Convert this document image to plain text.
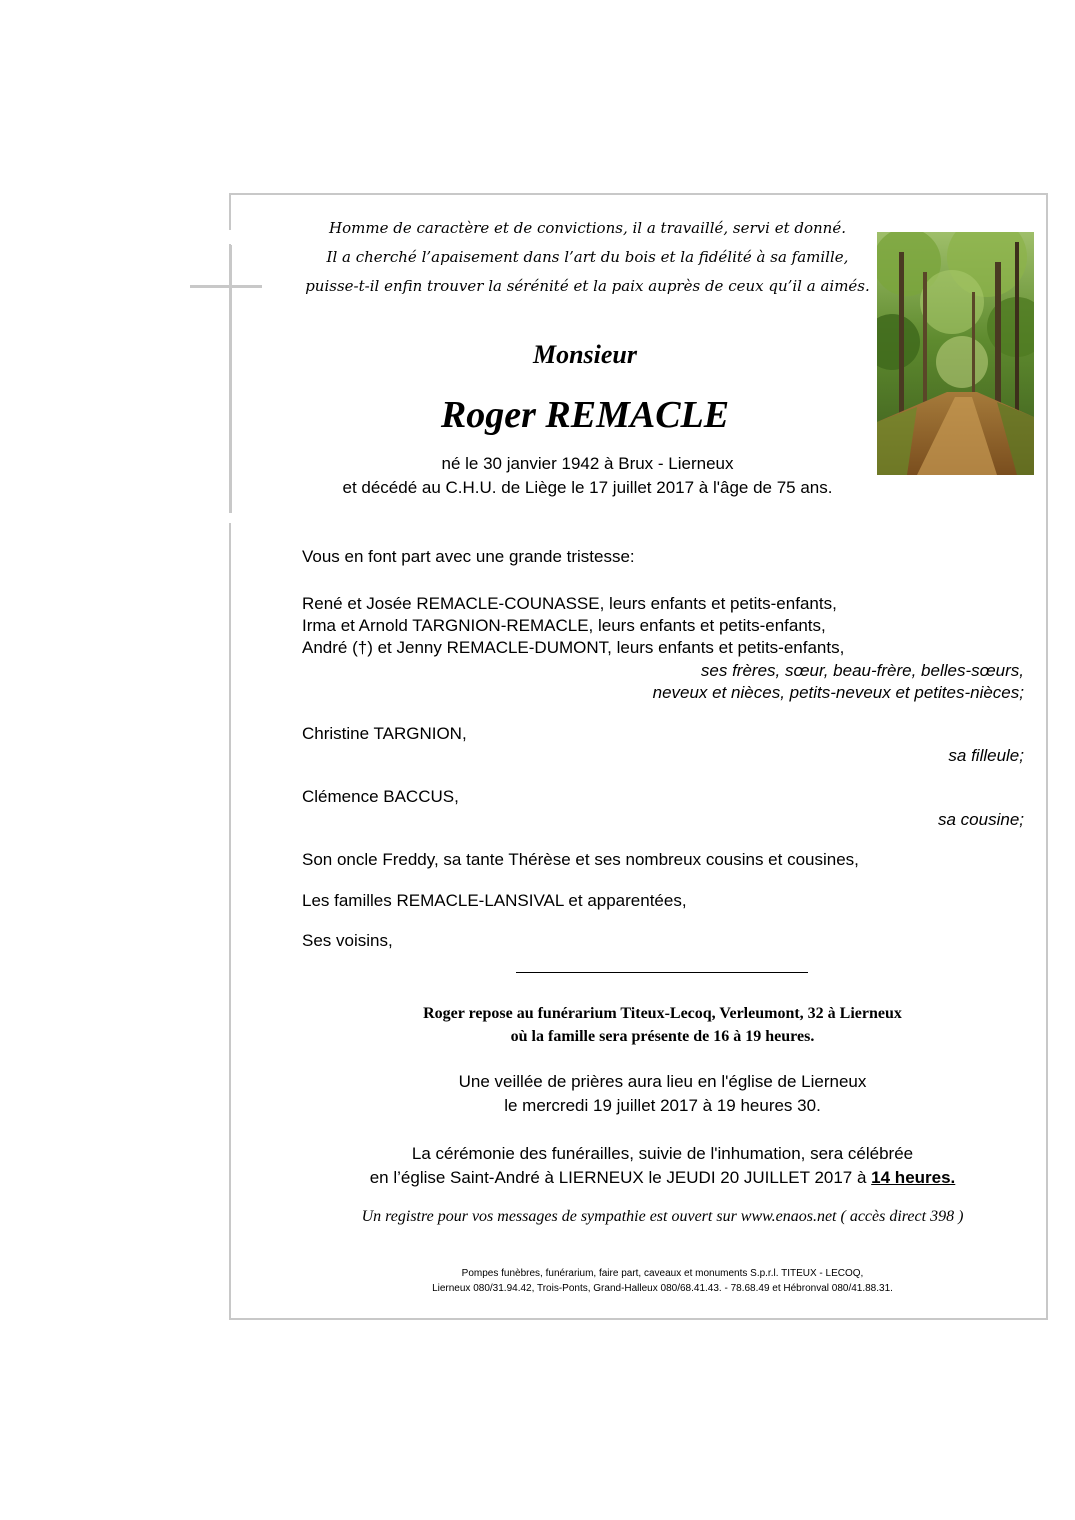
Homme de caractère et de convictions, il a travaillé, servi et donné.
Il a cherché l’apaisement dans l’art du bois et la fidélité à sa famille,
puisse-t-il enfin trouver la sérénité et la paix auprès de ceux qu’il a aimés.
Monsieur
Roger REMACLE
né le 30 janvier 1942 à Brux - Lierneux
et décédé au C.H.U. de Liège le 17 juillet 2017 à l'âge de 75 ans.
Vous en font part avec une grande tristesse:
René et Josée REMACLE-COUNASSE, leurs enfants et petits-enfants,
Irma et Arnold TARGNION-REMACLE, leurs enfants et petits-enfants,
André (†) et Jenny REMACLE-DUMONT, leurs enfants et petits-enfants,
ses frères, sœur, beau-frère, belles-sœurs,
neveux et nièces, petits-neveux et petites-nièces;
Christine TARGNION,
sa filleule;
Clémence BACCUS,
sa cousine;
Son oncle Freddy, sa tante Thérèse et ses nombreux cousins et cousines,
Les familles REMACLE-LANSIVAL et apparentées,
Ses voisins,
Roger repose au funérarium Titeux-Lecoq, Verleumont, 32 à Lierneux
où la famille sera présente de 16 à 19 heures.
Une veillée de prières aura lieu en l'église de Lierneux
le mercredi 19 juillet 2017 à 19 heures 30.
La cérémonie des funérailles, suivie de l'inhumation, sera célébrée
en l’église Saint-André à LIERNEUX le JEUDI 20 JUILLET 2017 à 14 heures.
Un registre pour vos messages de sympathie est ouvert sur www.enaos.net ( accès direct 398 )
Pompes funèbres, funérarium, faire part, caveaux et monuments S.p.r.l. TITEUX - LECOQ,
Lierneux 080/31.94.42, Trois-Ponts, Grand-Halleux 080/68.41.43. - 78.68.49 et Hébronval 080/41.88.31.
